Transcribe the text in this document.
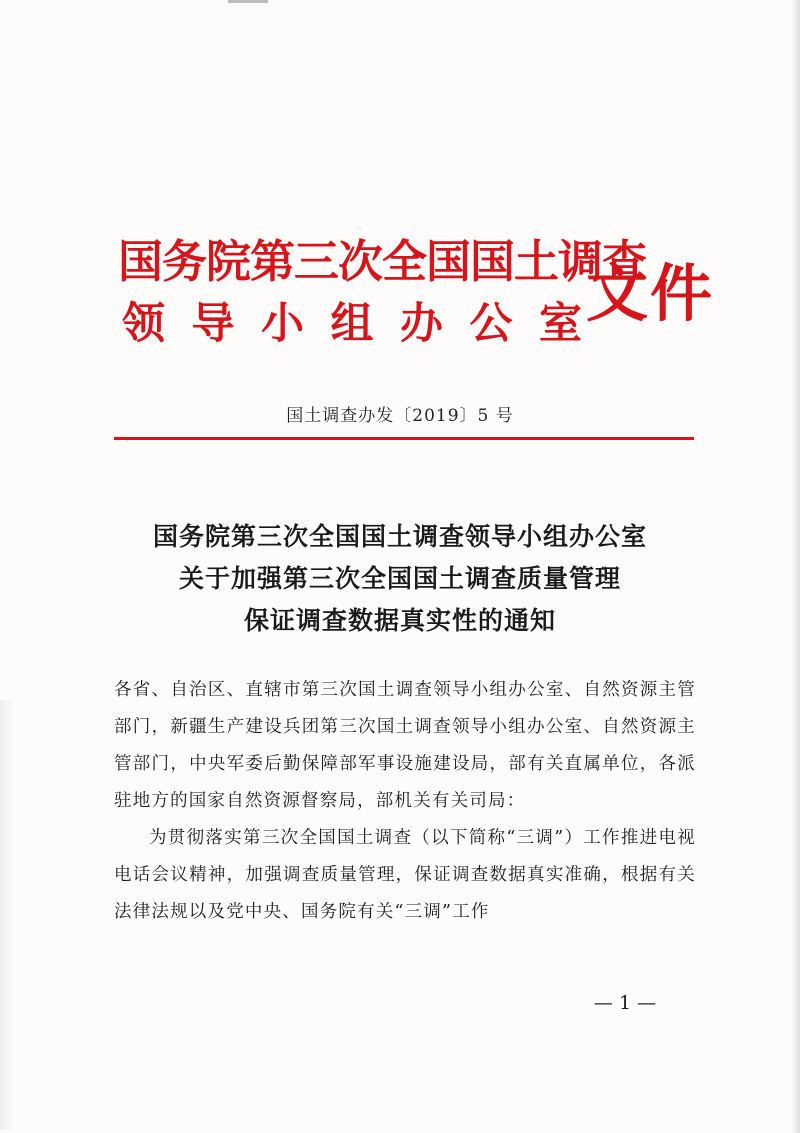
国务院第三次全国国土调查
领 导 小 组 办 公 室 文件
国土调查办发〔2019〕5 号
国务院第三次全国国土调查领导小组办公室
关于加强第三次全国国土调查质量管理
保证调查数据真实性的通知

各省、自治区、直辖市第三次国土调查领导小组办公室、自然资源主管部门，新疆生产建设兵团第三次国土调查领导小组办公室、自然资源主管部门，中央军委后勤保障部军事设施建设局，部有关直属单位，各派驻地方的国家自然资源督察局，部机关有关司局：

为贯彻落实第三次全国国土调查（以下简称“三调”）工作推进电视电话会议精神，加强调查质量管理，保证调查数据真实准确，根据有关法律法规以及党中央、国务院有关“三调”工作

— 1 —
